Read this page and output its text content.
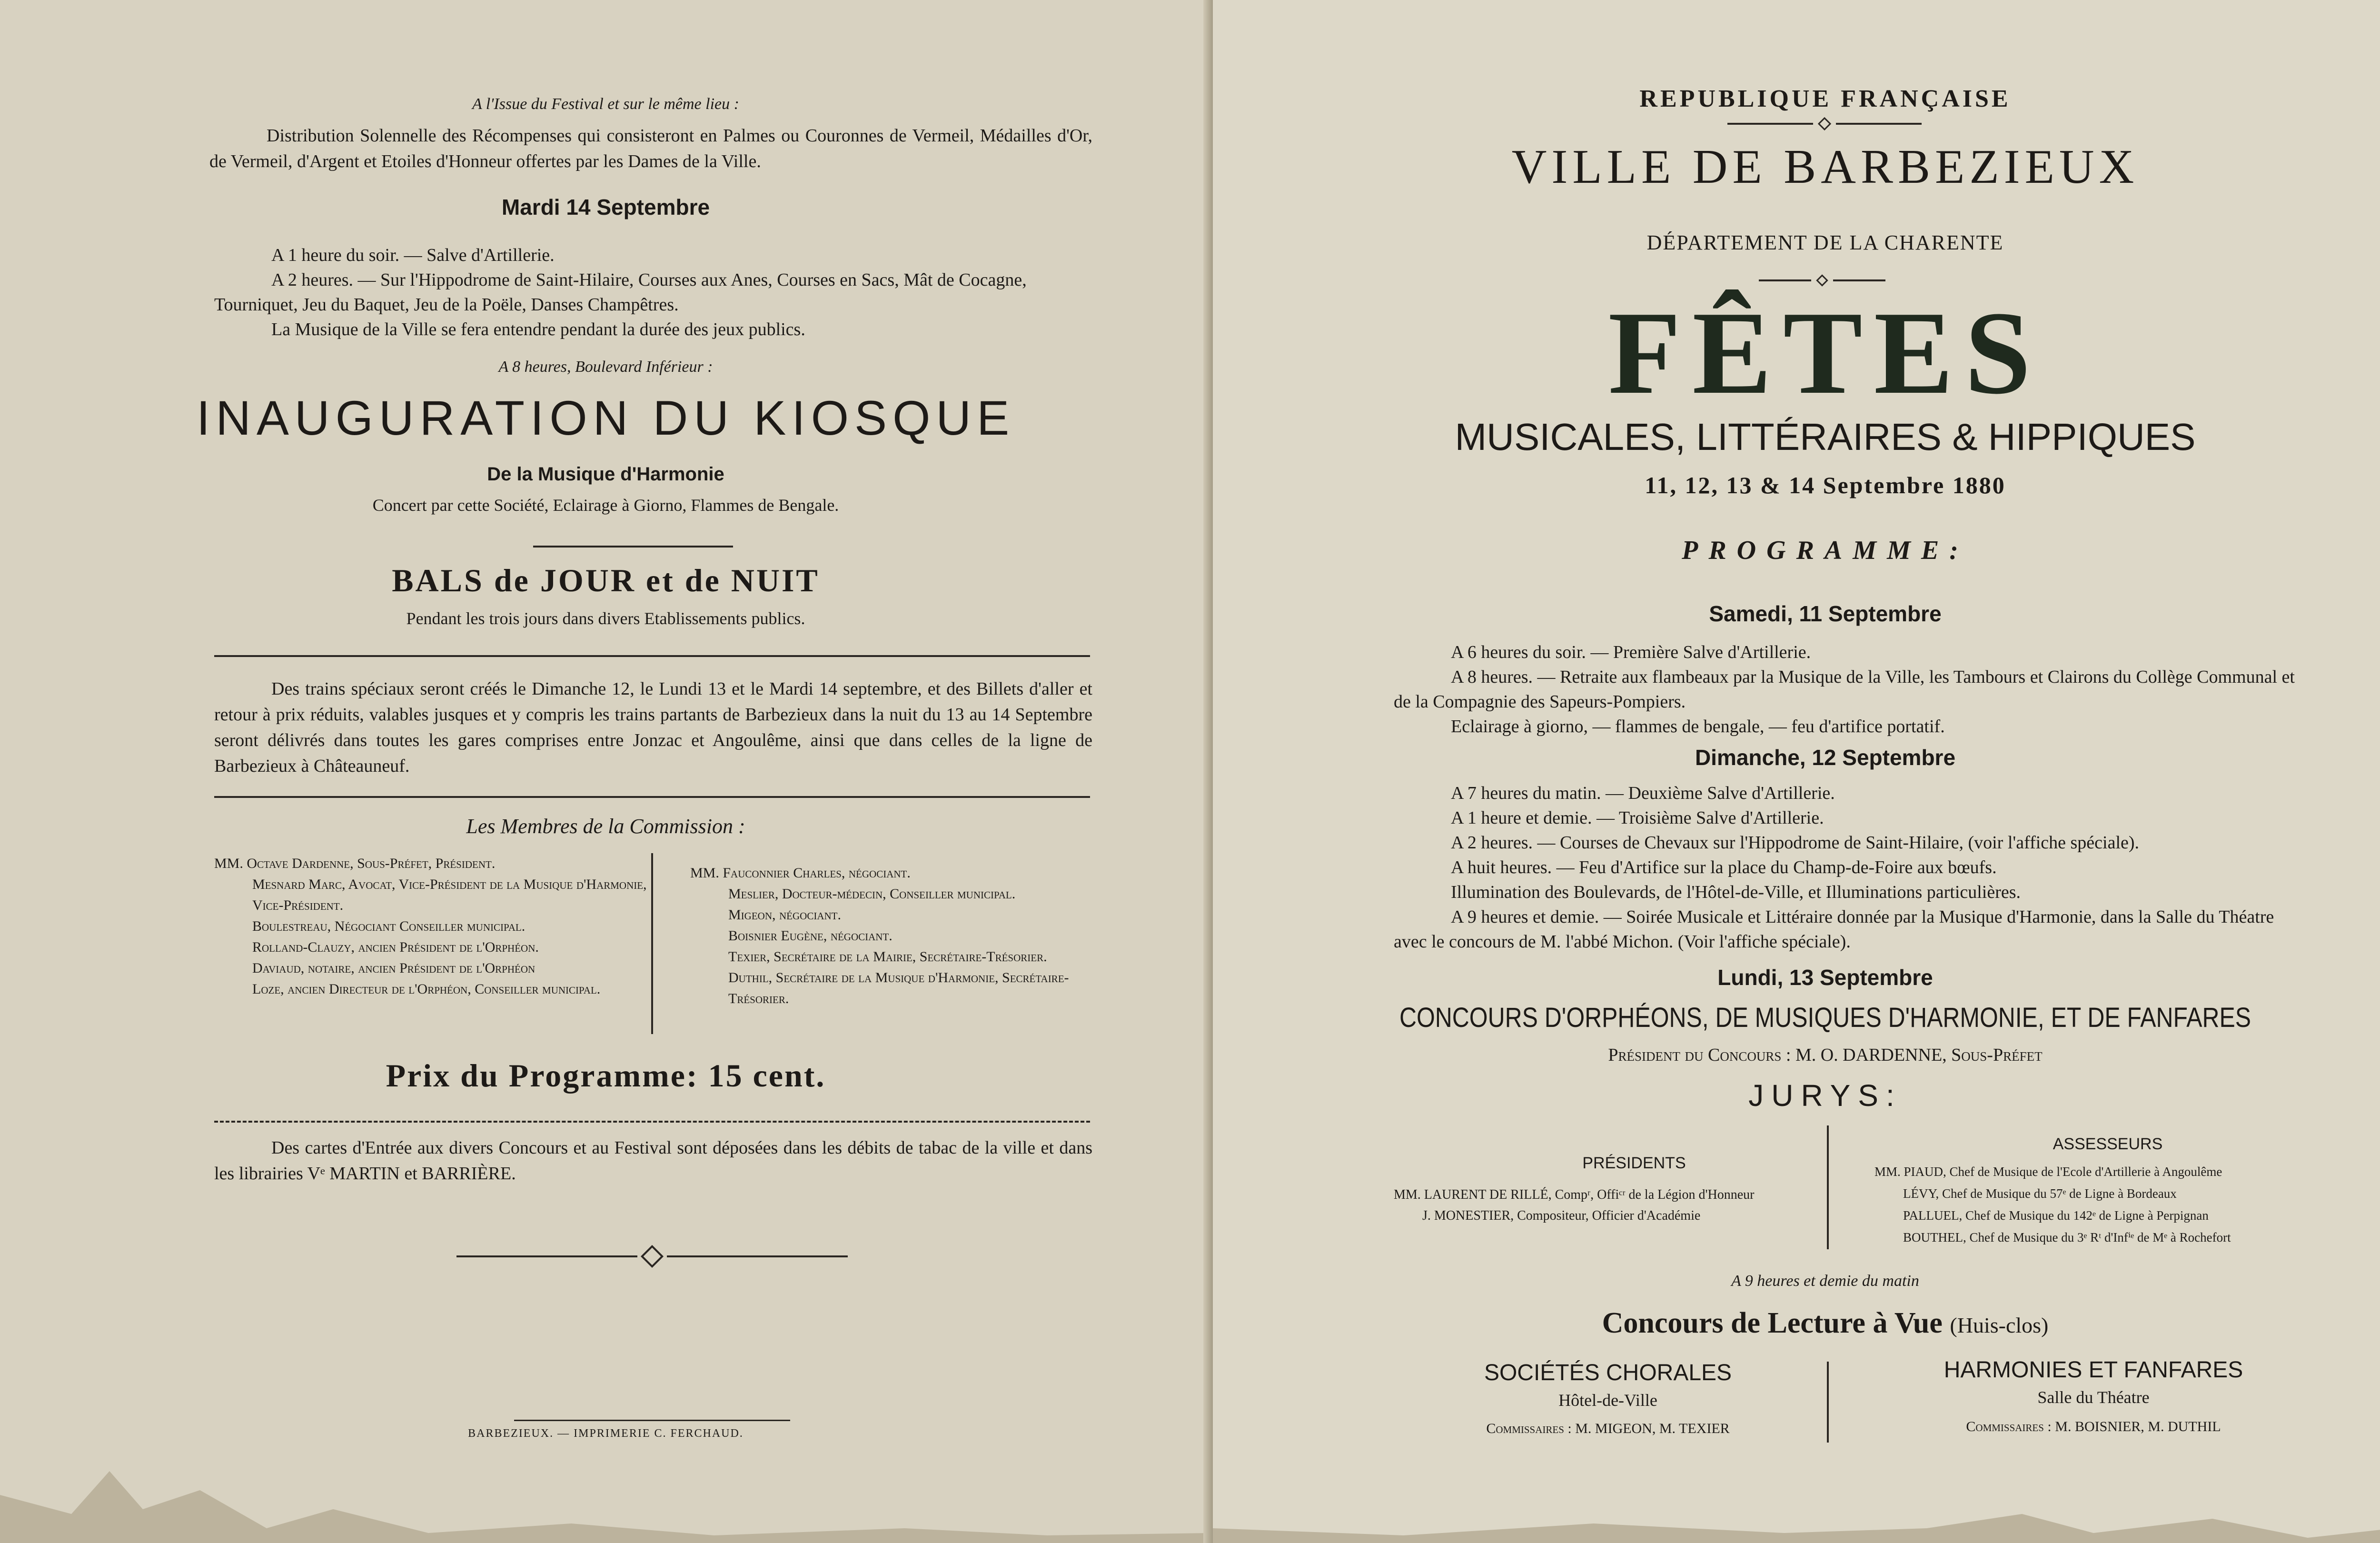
A l'Issue du Festival et sur le même lieu :

Distribution Solennelle des Récompenses qui consisteront en Palmes ou Couronnes de Vermeil, Médailles d'Or, de Vermeil, d'Argent et Etoiles d'Honneur offertes par les Dames de la Ville.

Mardi 14 Septembre

A 1 heure du soir. — Salve d'Artillerie.

A 2 heures. — Sur l'Hippodrome de Saint-Hilaire, Courses aux Anes, Courses en Sacs, Mât de Cocagne, Tourniquet, Jeu du Baquet, Jeu de la Poële, Danses Champêtres.

La Musique de la Ville se fera entendre pendant la durée des jeux publics.

A 8 heures, Boulevard Inférieur :

INAUGURATION DU KIOSQUE

De la Musique d'Harmonie

Concert par cette Société, Eclairage à Giorno, Flammes de Bengale.

BALS de JOUR et de NUIT

Pendant les trois jours dans divers Etablissements publics.

Des trains spéciaux seront créés le Dimanche 12, le Lundi 13 et le Mardi 14 septembre, et des Billets d'aller et retour à prix réduits, valables jusques et y compris les trains partants de Barbezieux dans la nuit du 13 au 14 Septembre seront délivrés dans toutes les gares comprises entre Jonzac et Angoulême, ainsi que dans celles de la ligne de Barbezieux à Châteauneuf.

Les Membres de la Commission :

MM. Octave Dardenne, Sous-Préfet, Président.

Mesnard Marc, Avocat, Vice-Président de la Musique d'Harmonie, Vice-Président.

Boulestreau, Négociant Conseiller municipal.

Rolland-Clauzy, ancien Président de l'Orphéon.

Daviaud, notaire, ancien Président de l'Orphéon

Loze, ancien Directeur de l'Orphéon, Conseiller municipal.

MM. Fauconnier Charles, négociant.

Meslier, Docteur-médecin, Conseiller municipal.

Migeon, négociant.

Boisnier Eugène, négociant.

Texier, Secrétaire de la Mairie, Secrétaire-Trésorier.

Duthil, Secrétaire de la Musique d'Harmonie, Secrétaire-Trésorier.

Prix du Programme: 15 cent.

Des cartes d'Entrée aux divers Concours et au Festival sont déposées dans les débits de tabac de la ville et dans les librairies Vᵉ MARTIN et BARRIÈRE.

BARBEZIEUX. — IMPRIMERIE C. FERCHAUD.

REPUBLIQUE FRANÇAISE

VILLE DE BARBEZIEUX

DÉPARTEMENT DE LA CHARENTE

FÊTES

MUSICALES, LITTÉRAIRES & HIPPIQUES

11, 12, 13 & 14 Septembre 1880

PROGRAMME:

Samedi, 11 Septembre

A 6 heures du soir. — Première Salve d'Artillerie.

A 8 heures. — Retraite aux flambeaux par la Musique de la Ville, les Tambours et Clairons du Collège Communal et de la Compagnie des Sapeurs-Pompiers.

Eclairage à giorno, — flammes de bengale, — feu d'artifice portatif.

Dimanche, 12 Septembre

A 7 heures du matin. — Deuxième Salve d'Artillerie.

A 1 heure et demie. — Troisième Salve d'Artillerie.

A 2 heures. — Courses de Chevaux sur l'Hippodrome de Saint-Hilaire, (voir l'affiche spéciale).

A huit heures. — Feu d'Artifice sur la place du Champ-de-Foire aux bœufs.

Illumination des Boulevards, de l'Hôtel-de-Ville, et Illuminations particulières.

A 9 heures et demie. — Soirée Musicale et Littéraire donnée par la Musique d'Harmonie, dans la Salle du Théatre avec le concours de M. l'abbé Michon. (Voir l'affiche spéciale).

Lundi, 13 Septembre

CONCOURS D'ORPHÉONS, DE MUSIQUES D'HARMONIE, ET DE FANFARES

Président du Concours : M. O. DARDENNE, Sous-Préfet

JURYS:

PRÉSIDENTS

MM. LAURENT DE RILLÉ, Compʳ, Offiᶜʳ de la Légion d'Honneur

J. MONESTIER, Compositeur, Officier d'Académie

ASSESSEURS

MM. PIAUD, Chef de Musique de l'Ecole d'Artillerie à Angoulême

LÉVY, Chef de Musique du 57ᵉ de Ligne à Bordeaux

PALLUEL, Chef de Musique du 142ᵉ de Ligne à Perpignan

BOUTHEL, Chef de Musique du 3ᵉ Rᵗ d'Infⁱᵉ de Mᵉ à Rochefort

A 9 heures et demie du matin

Concours de Lecture à Vue (Huis-clos)

SOCIÉTÉS CHORALES

Hôtel-de-Ville

Commissaires : M. MIGEON, M. TEXIER

HARMONIES ET FANFARES

Salle du Théatre

Commissaires : M. BOISNIER, M. DUTHIL
